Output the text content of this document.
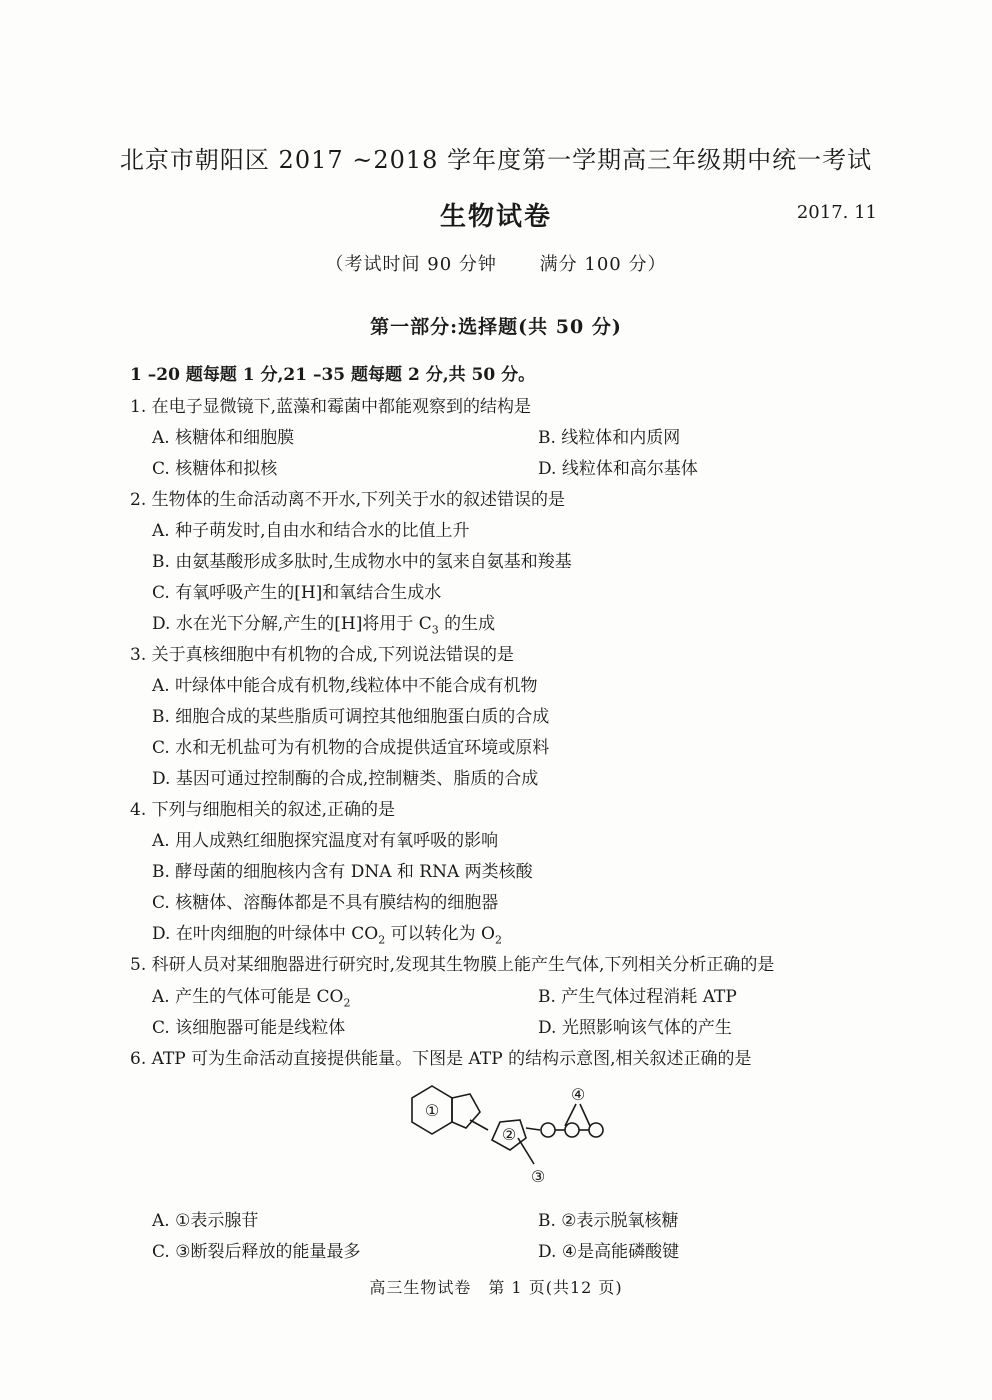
北京市朝阳区 2017 ~2018 学年度第一学期高三年级期中统一考试
生物试卷	2017. 11
（考试时间 90 分钟 满分 100 分）
第一部分:选择题(共 50 分)
1 –20 题每题 1 分,21 –35 题每题 2 分,共 50 分。
1. 在电子显微镜下,蓝藻和霉菌中都能观察到的结构是
A. 核糖体和细胞膜	B. 线粒体和内质网
C. 核糖体和拟核	D. 线粒体和高尔基体
2. 生物体的生命活动离不开水,下列关于水的叙述错误的是
A. 种子萌发时,自由水和结合水的比值上升
B. 由氨基酸形成多肽时,生成物水中的氢来自氨基和羧基
C. 有氧呼吸产生的[H]和氧结合生成水
D. 水在光下分解,产生的[H]将用于 $C_3$ 的生成
3. 关于真核细胞中有机物的合成,下列说法错误的是
A. 叶绿体中能合成有机物,线粒体中不能合成有机物
B. 细胞合成的某些脂质可调控其他细胞蛋白质的合成
C. 水和无机盐可为有机物的合成提供适宜环境或原料
D. 基因可通过控制酶的合成,控制糖类、脂质的合成
4. 下列与细胞相关的叙述,正确的是
A. 用人成熟红细胞探究温度对有氧呼吸的影响
B. 酵母菌的细胞核内含有 DNA 和 RNA 两类核酸
C. 核糖体、溶酶体都是不具有膜结构的细胞器
D. 在叶肉细胞的叶绿体中 $CO_2$ 可以转化为 $O_2$
5. 科研人员对某细胞器进行研究时,发现其生物膜上能产生气体,下列相关分析正确的是
A. 产生的气体可能是 $CO_2$	B. 产生气体过程消耗 ATP
C. 该细胞器可能是线粒体	D. 光照影响该气体的产生
6. ATP 可为生命活动直接提供能量。下图是 ATP 的结构示意图,相关叙述正确的是
①
②
③
④
A. ①表示腺苷	B. ②表示脱氧核糖
C. ③断裂后释放的能量最多	D. ④是高能磷酸键
高三生物试卷　第 1 页(共12 页)
